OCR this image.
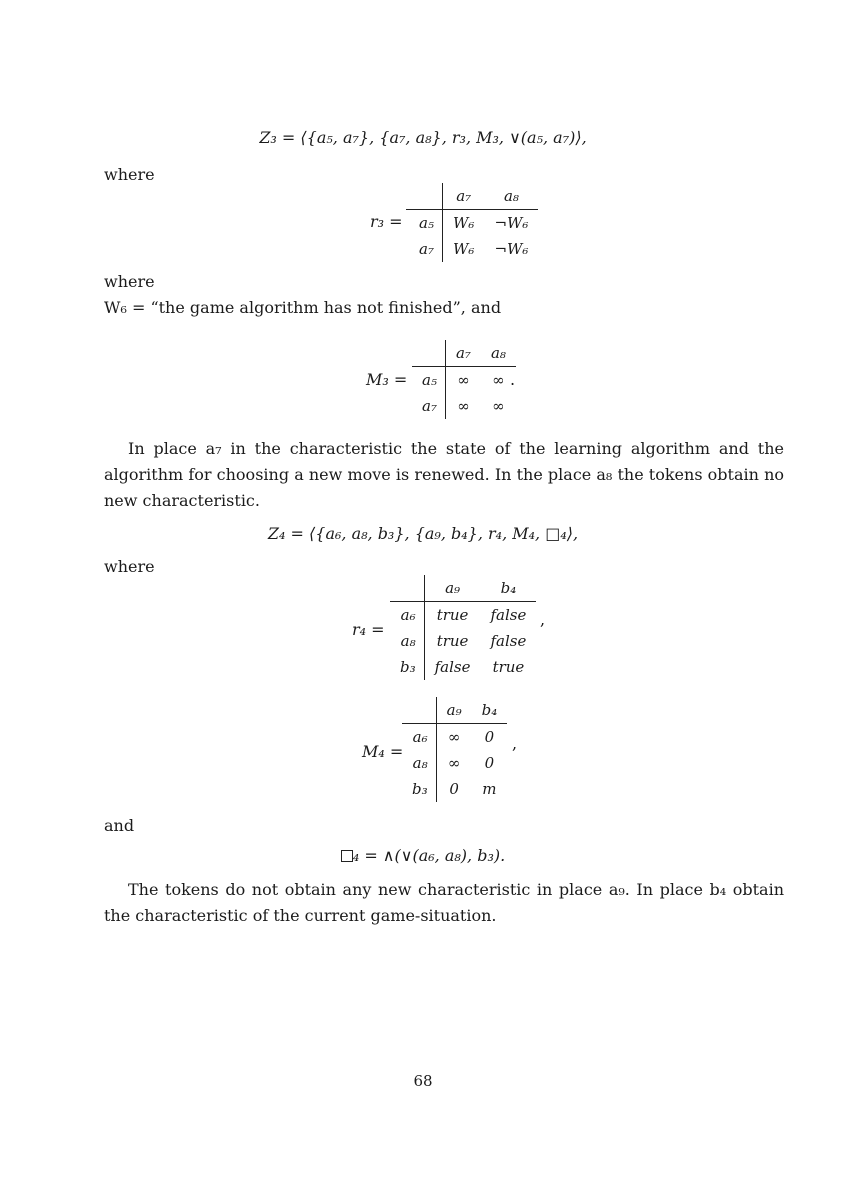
Z₃ = ⟨{a₅, a₇}, {a₇, a₈}, r₃, M₃, ∨(a₅, a₇)⟩,
where
r₃ =
	a₇	a₈
a₅	W₆	¬W₆
a₇	W₆	¬W₆
where
W₆ = “the game algorithm has not finished”, and
M₃ =
	a₇	a₈
a₅	∞	∞
a₇	∞	∞
.
In place a₇ in the characteristic the state of the learning algorithm and the algorithm for choosing a new move is renewed. In the place a₈ the tokens obtain no new characteristic.
Z₄ = ⟨{a₆, a₈, b₃}, {a₉, b₄}, r₄, M₄, □₄⟩,
where
r₄ =
	a₉	b₄
a₆	true	false
a₈	true	false
b₃	false	true
,
M₄ =
	a₉	b₄
a₆	∞	0
a₈	∞	0
b₃	0	m
,
and
₄ = ∧(∨(a₆, a₈), b₃).
The tokens do not obtain any new characteristic in place a₉. In place b₄ obtain the characteristic of the current game-situation.
68
